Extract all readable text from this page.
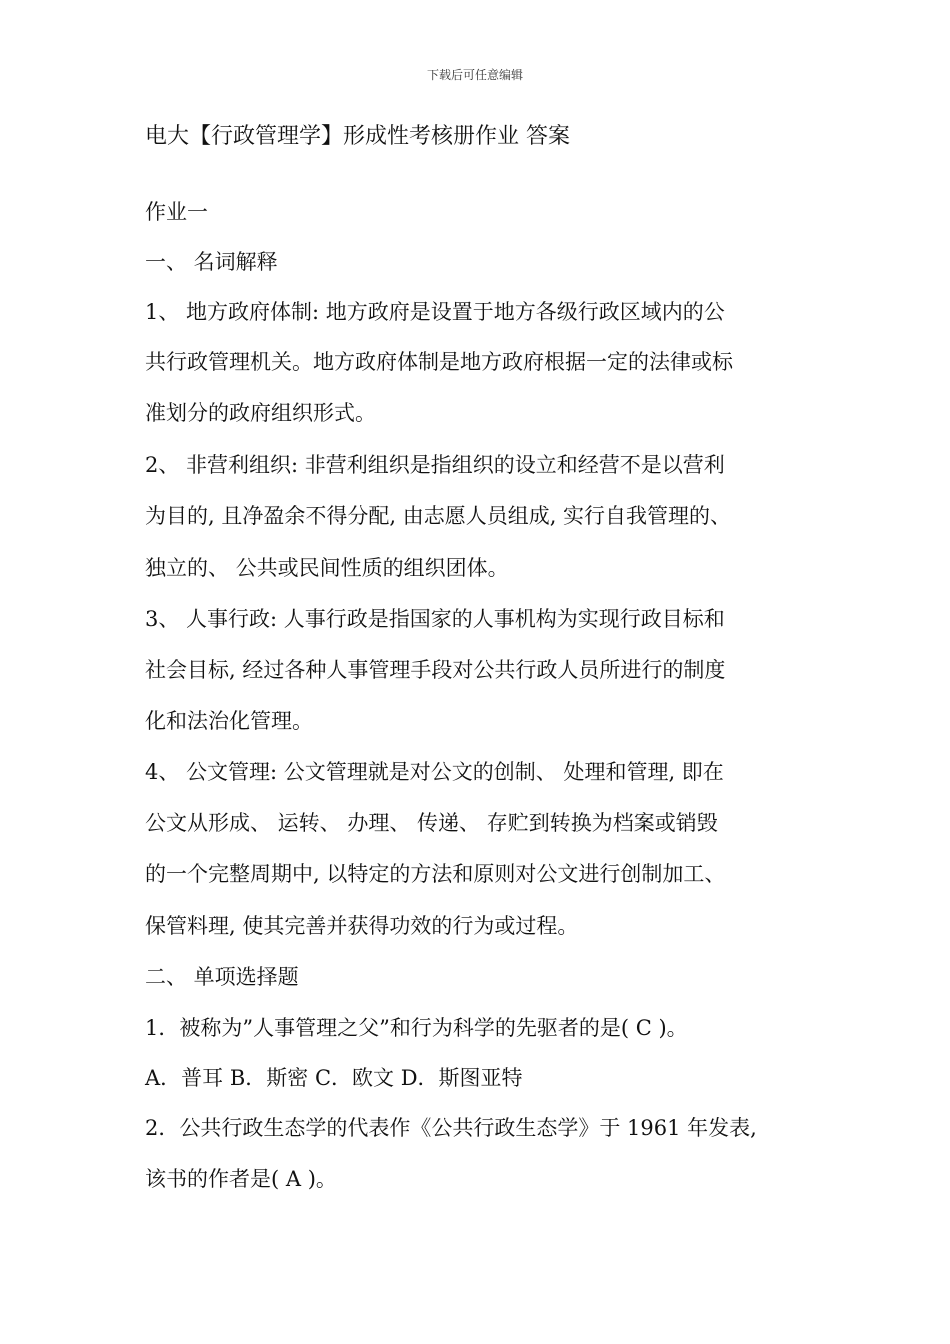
下载后可任意编辑
电大【行政管理学】形成性考核册作业 答案
作业一
一、 名词解释
1、 地方政府体制: 地方政府是设置于地方各级行政区域内的公
共行政管理机关。地方政府体制是地方政府根据一定的法律或标
准划分的政府组织形式。
2、 非营利组织: 非营利组织是指组织的设立和经营不是以营利
为目的, 且净盈余不得分配, 由志愿人员组成, 实行自我管理的、
独立的、 公共或民间性质的组织团体。
3、 人事行政: 人事行政是指国家的人事机构为实现行政目标和
社会目标, 经过各种人事管理手段对公共行政人员所进行的制度
化和法治化管理。
4、 公文管理: 公文管理就是对公文的创制、 处理和管理, 即在
公文从形成、 运转、 办理、 传递、 存贮到转换为档案或销毁
的一个完整周期中, 以特定的方法和原则对公文进行创制加工、
保管料理, 使其完善并获得功效的行为或过程。
二、 单项选择题
1．被称为”人事管理之父”和行为科学的先驱者的是( C )。
A．普耳 B．斯密 C．欧文 D．斯图亚特
2．公共行政生态学的代表作《公共行政生态学》于 1961 年发表,
该书的作者是( A )。
